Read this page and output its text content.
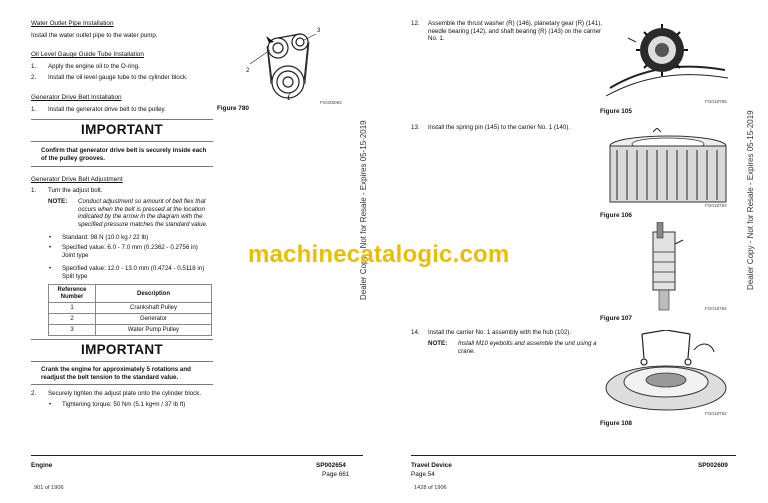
Water Outlet Pipe Installation
Install the water outlet pipe to the water pump.
Oil Level Gauge Guide Tube Installation
1. Apply the engine oil to the O-ring.
2. Install the oil level gauge tube to the cylinder block.
Generator Drive Belt Installation
1. Install the generator drive belt to the pulley.
3
2
1
FG025083
Figure 780
IMPORTANT
Confirm that generator drive belt is securely inside each of the pulley grooves.
Generator Drive Belt Adjustment
1. Turn the adjust bolt.
NOTE: Conduct adjustment so amount of belt flex that occurs when the belt is pressed at the location indicated by the arrow in the diagram with the specified pressure matches the standard value.
• Standard: 98 N (10.0 kg / 22 lb)
• Specified value: 6.0 - 7.0 mm (0.2362 - 0.2756 in)
Joint type
• Specified value: 12.0 - 13.0 mm (0.4724 - 0.5118 in)
Split type
Reference Number	Description
1	Crankshaft Pulley
2	Generator
3	Water Pump Pulley
IMPORTANT
Crank the engine for approximately 5 rotations and readjust the belt tension to the standard value.
2. Securely tighten the adjust plate onto the cylinder block.
• Tightening torque: 50 Nm (5.1 kg•m / 37 lb ft)
Engine	SP002654
Page 661
901 of 1906
Dealer Copy - Not for Resale - Expires 05-15-2019
12. Assemble the thrust washer (R) (146), planetary gear (R) (141), needle bearing (142), and shaft bearing (R) (143) on the carrier No. 1.
FG018765
Figure 105
13. Install the spring pin (145) to the carrier No. 1 (140).
FG018763
Figure 106
FG018764
Figure 107
14. Install the carrier No. 1 assembly with the hub (102).
NOTE: Install M10 eyebolts and assemble the unit using a crane.
FG018762
Figure 108
Travel Device	SP002609
Page 54
1428 of 1906
Dealer Copy - Not for Resale - Expires 05-15-2019
machinecatalogic.com
